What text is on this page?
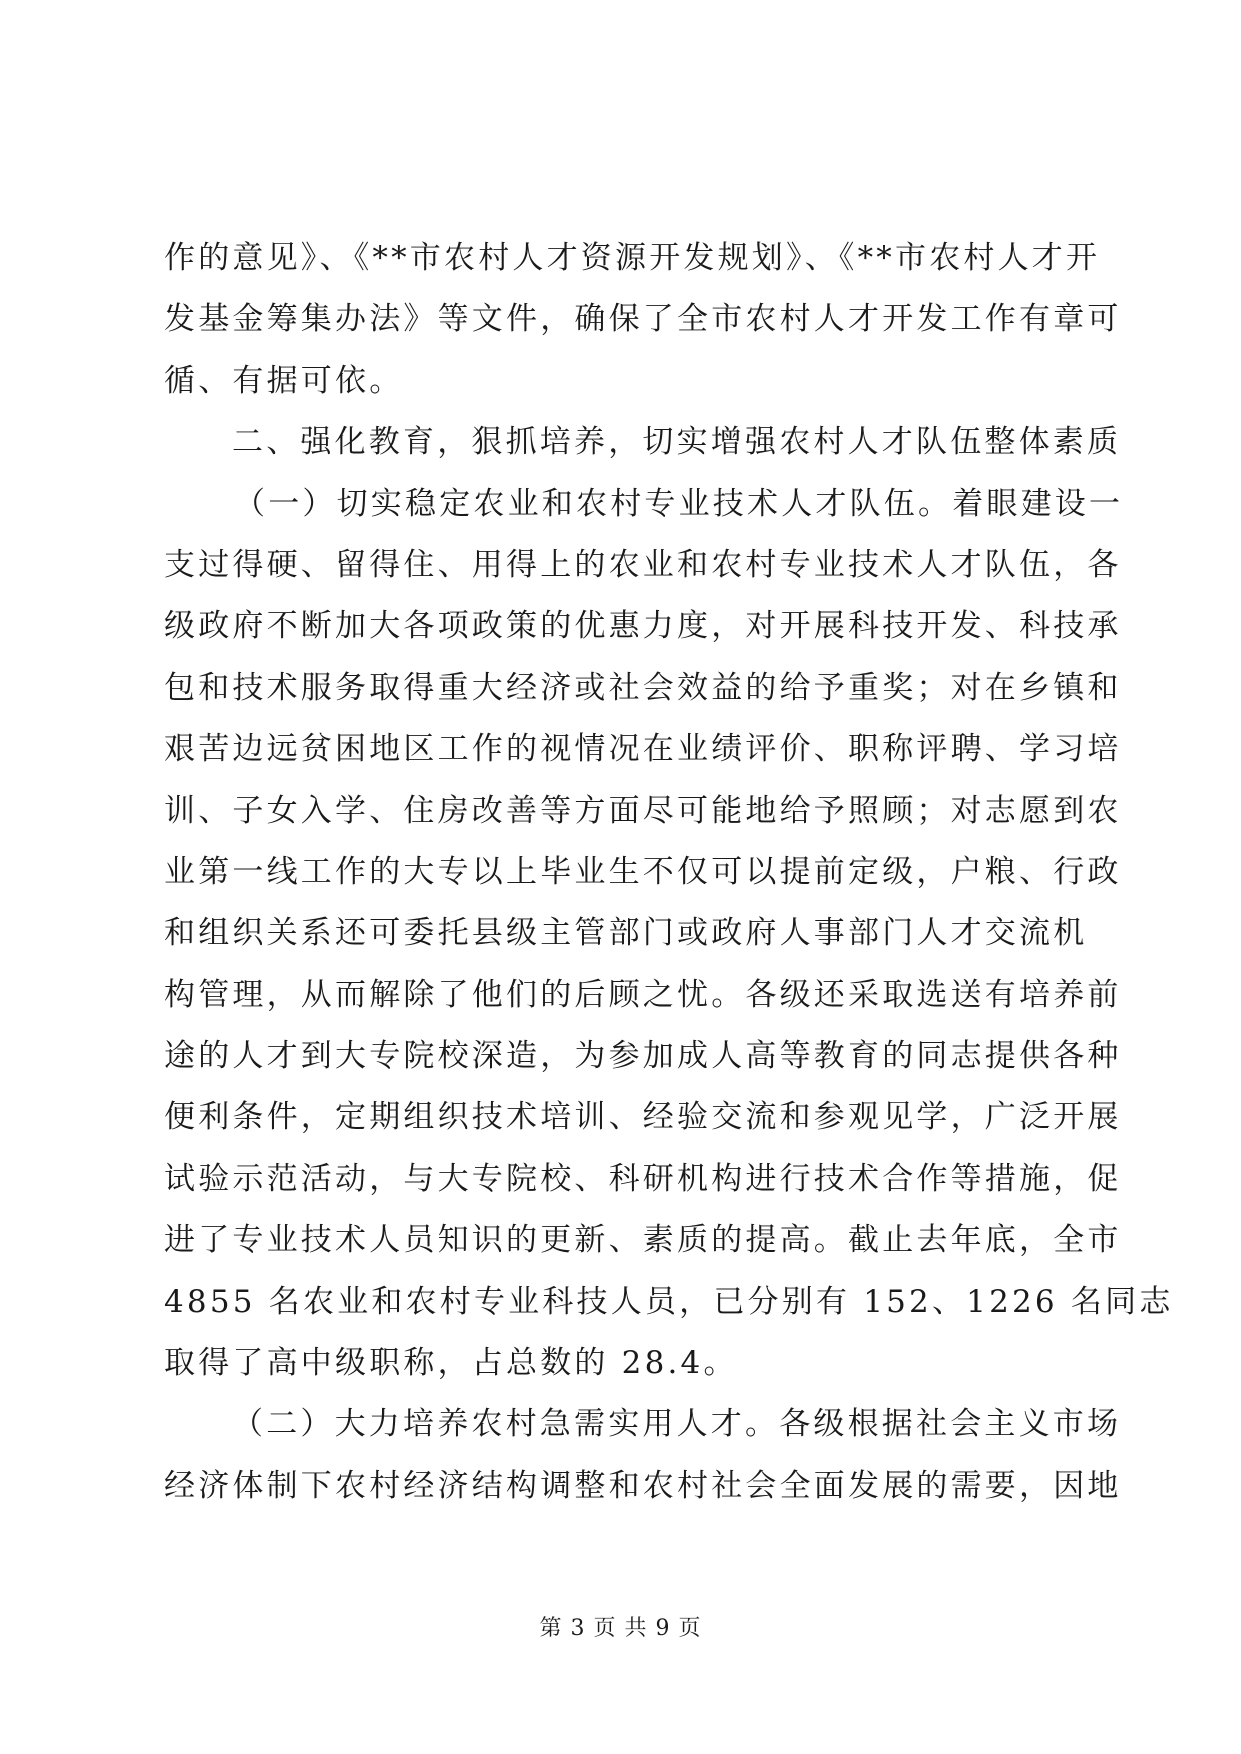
作的意见》、《**市农村人才资源开发规划》、《**市农村人才开
发基金筹集办法》等文件，确保了全市农村人才开发工作有章可
循、有据可依。
二、强化教育，狠抓培养，切实增强农村人才队伍整体素质
（一）切实稳定农业和农村专业技术人才队伍。着眼建设一
支过得硬、留得住、用得上的农业和农村专业技术人才队伍，各
级政府不断加大各项政策的优惠力度，对开展科技开发、科技承
包和技术服务取得重大经济或社会效益的给予重奖；对在乡镇和
艰苦边远贫困地区工作的视情况在业绩评价、职称评聘、学习培
训、子女入学、住房改善等方面尽可能地给予照顾；对志愿到农
业第一线工作的大专以上毕业生不仅可以提前定级，户粮、行政
和组织关系还可委托县级主管部门或政府人事部门人才交流机
构管理，从而解除了他们的后顾之忧。各级还采取选送有培养前
途的人才到大专院校深造，为参加成人高等教育的同志提供各种
便利条件，定期组织技术培训、经验交流和参观见学，广泛开展
试验示范活动，与大专院校、科研机构进行技术合作等措施，促
进了专业技术人员知识的更新、素质的提高。截止去年底，全市
4855 名农业和农村专业科技人员，已分别有 152、1226 名同志
取得了高中级职称，占总数的 28.4。
（二）大力培养农村急需实用人才。各级根据社会主义市场
经济体制下农村经济结构调整和农村社会全面发展的需要，因地
第 3 页 共 9 页
